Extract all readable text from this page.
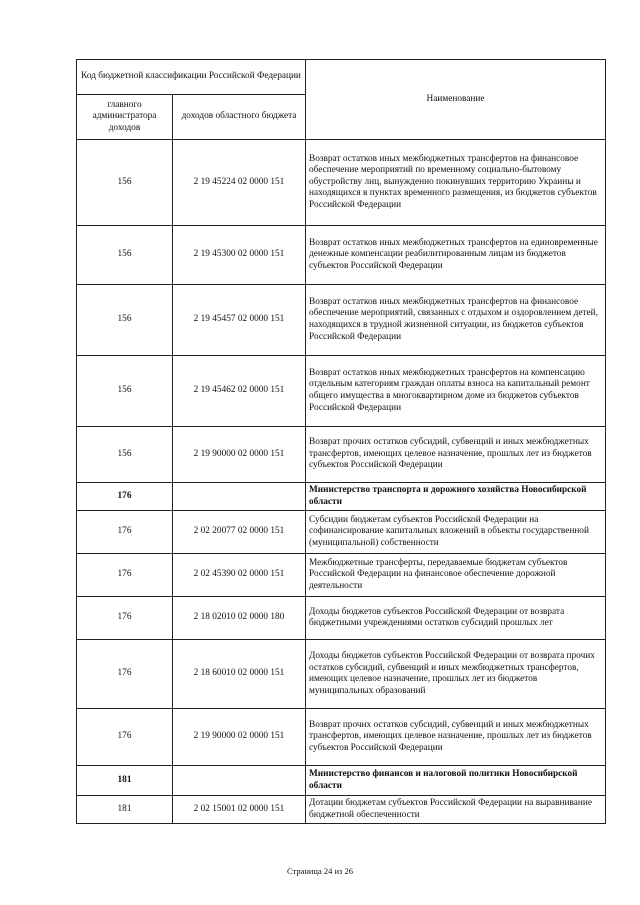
Код бюджетной классификации Российской Федерации		Наименование
главного администратора доходов	доходов областного бюджета	
156	2 19 45224 02 0000 151	Возврат остатков иных межбюджетных трансфертов на финансовое обеспечение мероприятий по временному социально-бытовому обустройству лиц, вынужденно покинувших территорию Украины и находящихся в пунктах временного размещения, из бюджетов субъектов Российской Федерации
156	2 19 45300 02 0000 151	Возврат остатков иных межбюджетных трансфертов на единовременные денежные компенсации реабилитированным лицам из бюджетов субъектов Российской Федерации
156	2 19 45457 02 0000 151	Возврат остатков иных межбюджетных трансфертов на финансовое обеспечение мероприятий, связанных с отдыхом и оздоровлением детей, находящихся в трудной жизненной ситуации, из бюджетов субъектов Российской Федерации
156	2 19 45462 02 0000 151	Возврат остатков иных межбюджетных трансфертов на компенсацию отдельным категориям граждан оплаты взноса на капитальный ремонт общего имущества в многоквартирном доме из бюджетов субъектов Российской Федерации
156	2 19 90000 02 0000 151	Возврат прочих остатков субсидий, субвенций и иных межбюджетных трансфертов, имеющих целевое назначение, прошлых лет из бюджетов субъектов Российской Федерации
176		Министерство транспорта и дорожного хозяйства Новосибирской области
176	2 02 20077 02 0000 151	Субсидии бюджетам субъектов Российской Федерации на софинансирование капитальных вложений в объекты государственной (муниципальной) собственности
176	2 02 45390 02 0000 151	Межбюджетные трансферты, передаваемые бюджетам субъектов Российской Федерации на финансовое обеспечение дорожной деятельности
176	2 18 02010 02 0000 180	Доходы бюджетов субъектов Российской Федерации от возврата бюджетными учреждениями остатков субсидий прошлых лет
176	2 18 60010 02 0000 151	Доходы бюджетов субъектов Российской Федерации от возврата прочих остатков субсидий, субвенций и иных межбюджетных трансфертов, имеющих целевое назначение, прошлых лет из бюджетов муниципальных образований
176	2 19 90000 02 0000 151	Возврат прочих остатков субсидий, субвенций и иных межбюджетных трансфертов, имеющих целевое назначение, прошлых лет из бюджетов субъектов Российской Федерации
181		Министерство финансов и налоговой политики Новосибирской области
181	2 02 15001 02 0000 151	Дотации бюджетам субъектов Российской Федерации на выравнивание бюджетной обеспеченности
Страница 24 из 26
